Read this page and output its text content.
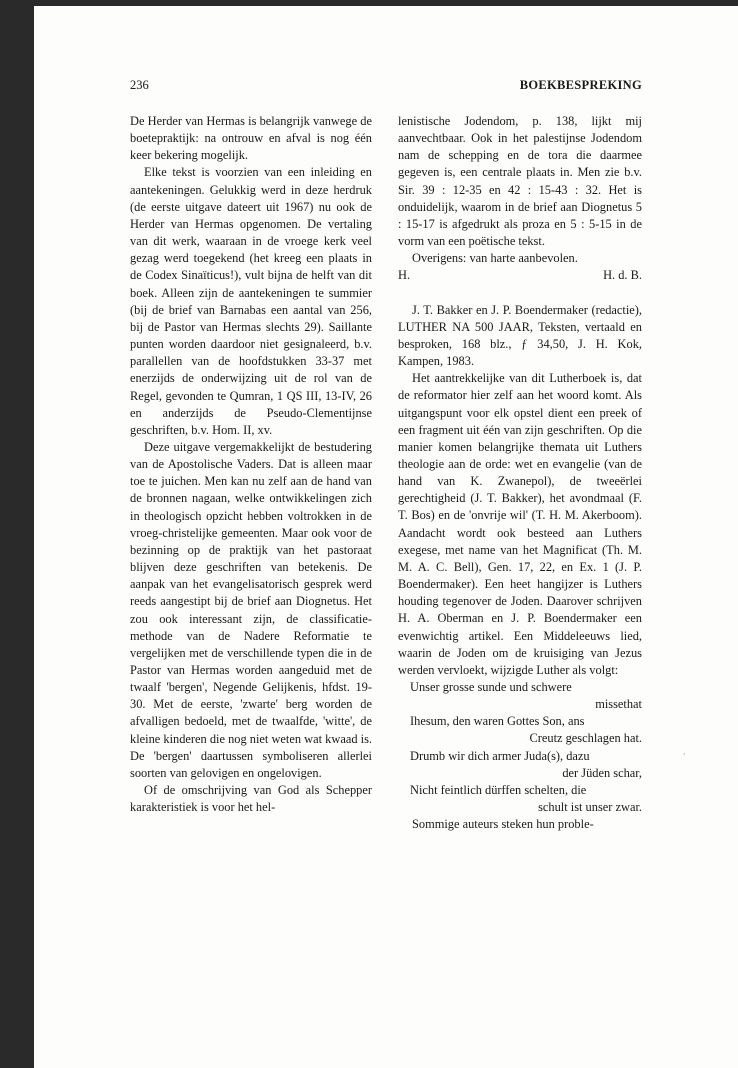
236	BOEKBESPREKING

De Herder van Hermas is belangrijk vanwege de boetepraktijk: na ontrouw en afval is nog één keer bekering mogelijk.

Elke tekst is voorzien van een inleiding en aantekeningen. Gelukkig werd in deze herdruk (de eerste uitgave dateert uit 1967) nu ook de Herder van Hermas opgenomen. De vertaling van dit werk, waaraan in de vroege kerk veel gezag werd toegekend (het kreeg een plaats in de Codex Sinaïticus!), vult bijna de helft van dit boek. Alleen zijn de aantekeningen te summier (bij de brief van Barnabas een aantal van 256, bij de Pastor van Hermas slechts 29). Saillante punten worden daardoor niet gesignaleerd, b.v. parallellen van de hoofdstukken 33-37 met enerzijds de onderwijzing uit de rol van de Regel, gevonden te Qumran, 1 QS III, 13-IV, 26 en anderzijds de Pseudo-Clementijnse geschriften, b.v. Hom. II, xv.

Deze uitgave vergemakkelijkt de bestudering van de Apostolische Vaders. Dat is alleen maar toe te juichen. Men kan nu zelf aan de hand van de bronnen nagaan, welke ontwikkelingen zich in theologisch opzicht hebben voltrokken in de vroeg-christelijke gemeenten. Maar ook voor de bezinning op de praktijk van het pastoraat blijven deze geschriften van betekenis. De aanpak van het evangelisatorisch gesprek werd reeds aangestipt bij de brief aan Diognetus. Het zou ook interessant zijn, de classificatie-methode van de Nadere Reformatie te vergelijken met de verschillende typen die in de Pastor van Hermas worden aangeduid met de twaalf 'bergen', Negende Gelijkenis, hfdst. 19-30. Met de eerste, 'zwarte' berg worden de afvalligen bedoeld, met de twaalfde, 'witte', de kleine kinderen die nog niet weten wat kwaad is. De 'bergen' daartussen symboliseren allerlei soorten van gelovigen en ongelovigen.

Of de omschrijving van God als Schepper karakteristiek is voor het hel-

lenistische Jodendom, p. 138, lijkt mij aanvechtbaar. Ook in het palestijnse Jodendom nam de schepping en de tora die daarmee gegeven is, een centrale plaats in. Men zie b.v. Sir. 39 : 12-35 en 42 : 15-43 : 32. Het is onduidelijk, waarom in de brief aan Diognetus 5 : 15-17 is afgedrukt als proza en 5 : 5-15 in de vorm van een poëtische tekst.

Overigens: van harte aanbevolen.

H.	H. d. B.

J. T. Bakker en J. P. Boendermaker (redactie), LUTHER NA 500 JAAR, Teksten, vertaald en besproken, 168 blz., ƒ 34,50, J. H. Kok, Kampen, 1983.

Het aantrekkelijke van dit Lutherboek is, dat de reformator hier zelf aan het woord komt. Als uitgangspunt voor elk opstel dient een preek of een fragment uit één van zijn geschriften. Op die manier komen belangrijke themata uit Luthers theologie aan de orde: wet en evangelie (van de hand van K. Zwanepol), de tweeërlei gerechtigheid (J. T. Bakker), het avondmaal (F. T. Bos) en de 'onvrije wil' (T. H. M. Akerboom). Aandacht wordt ook besteed aan Luthers exegese, met name van het Magnificat (Th. M. M. A. C. Bell), Gen. 17, 22, en Ex. 1 (J. P. Boendermaker). Een heet hangijzer is Luthers houding tegenover de Joden. Daarover schrijven H. A. Oberman en J. P. Boendermaker een evenwichtig artikel. Een Middeleeuws lied, waarin de Joden om de kruisiging van Jezus werden vervloekt, wijzigde Luther als volgt:

Unser grosse sunde und schwere
missethat
Ihesum, den waren Gottes Son, ans
Creutz geschlagen hat.
Drumb wir dich armer Juda(s), dazu
der Jüden schar,
Nicht feintlich dürffen schelten, die
schult ist unser zwar.

Sommige auteurs steken hun proble-

,
